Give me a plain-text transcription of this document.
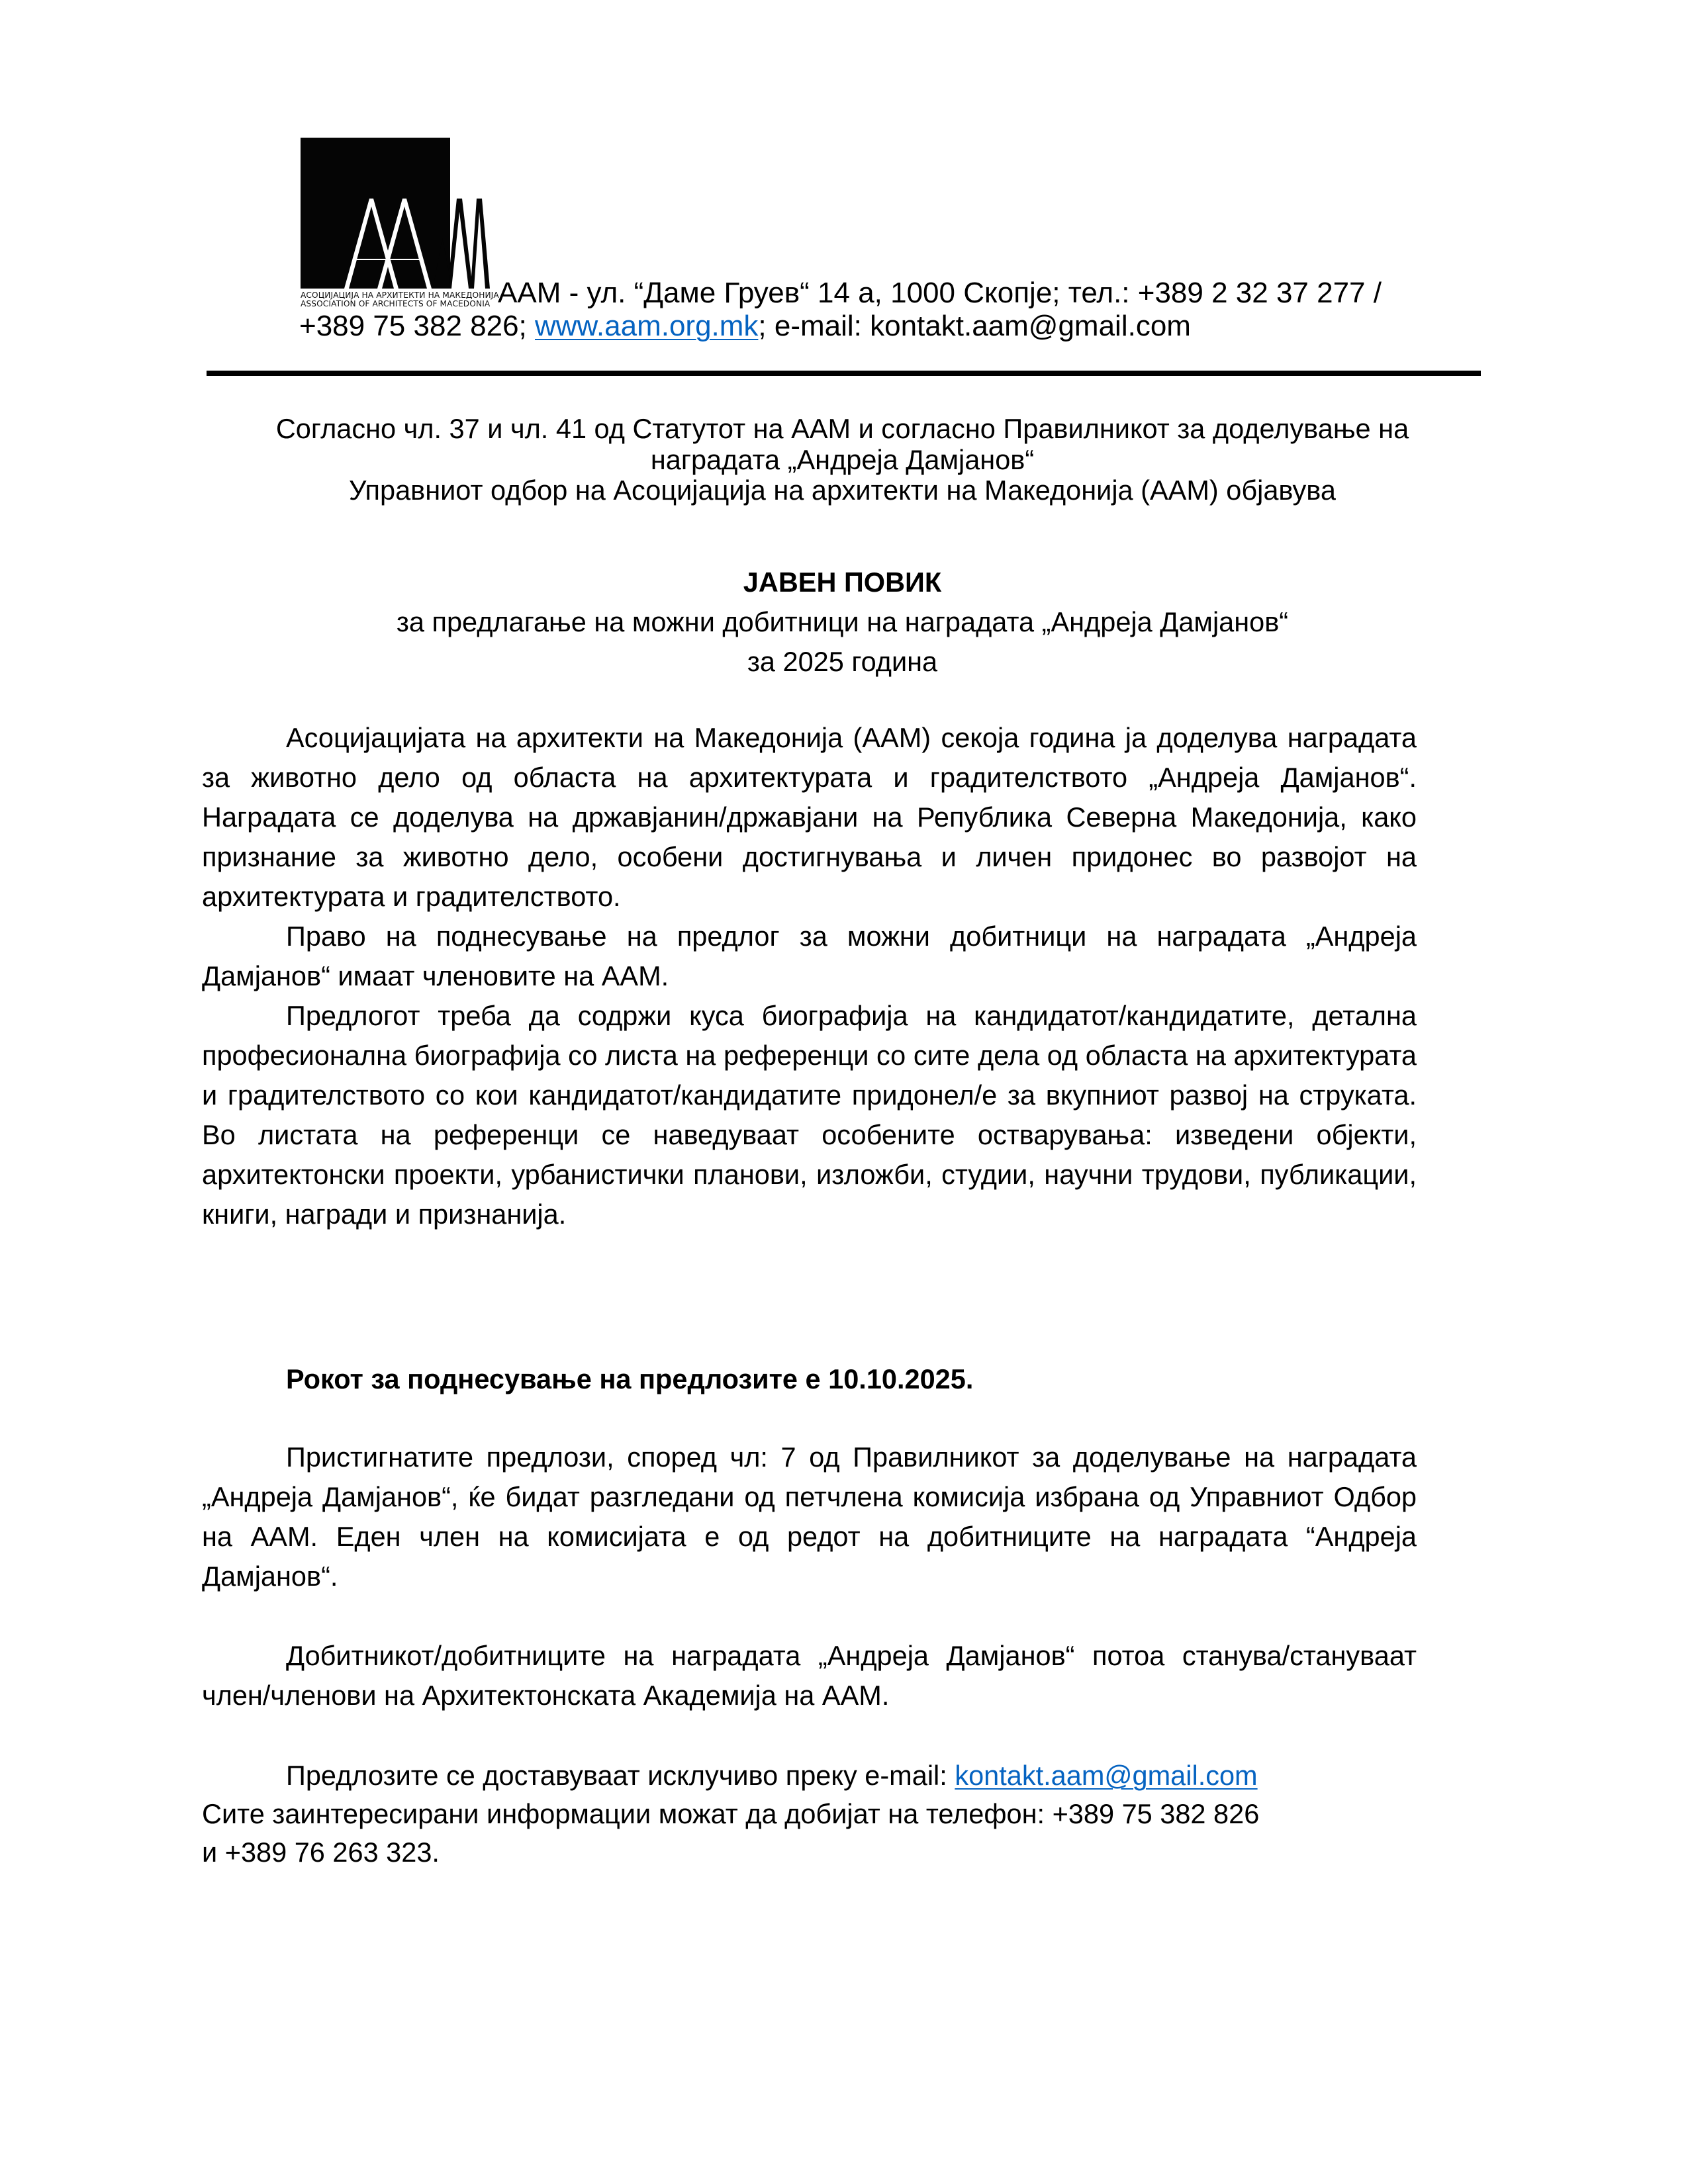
АСОЦИЈАЦИЈА НА АРХИТЕКТИ НА МАКЕДОНИЈА
ASSOCIATION OF ARCHITECTS OF MACEDONIA ААМ - ул. “Даме Груев“ 14 а, 1000 Скопје; тел.: +389 2 32 37 277 /
+389 75 382 826; www.aam.org.mk; e-mail: kontakt.aam@gmail.com
Согласно чл. 37 и чл. 41 од Статутот на ААМ и согласно Правилникот за доделување на
наградата „Андреја Дамјанов“
Управниот одбор на Асоцијација на архитекти на Македонија (ААМ) објавува
ЈАВЕН ПОВИК
за предлагање на можни добитници на наградата „Андреја Дамјанов“
за 2025 година

Асоцијацијата на архитекти на Македонија (ААМ) секоја година ја доделува наградата за животно дело од областа на архитектурата и градителството „Андреја Дамјанов“. Наградата се доделува на државјанин/државјани на Република Северна Македонија, како признание за животно дело, особени достигнувања и личен придонес во развојот на архитектурата и градителството.

Право на поднесување на предлог за можни добитници на наградата „Андреја Дамјанов“ имаат членовите на ААМ.

Предлогот треба да содржи куса биографија на кандидатот/кандидатите, детална професионална биографија со листа на референци со сите дела од областа на архитектурата и градителството со кои кандидатот/кандидатите придонел/е за вкупниот развој на струката. Во листата на референци се наведуваат особените остварувања: изведени објекти, архитектонски проекти, урбанистички планови, изложби, студии, научни трудови, публикации, книги, награди и признанија.

Рокот за поднесување на предлозите е 10.10.2025.

Пристигнатите предлози, според чл: 7 од Правилникот за доделување на наградата „Андреја Дамјанов“, ќе бидат разгледани од петчлена комисија избрана од Управниот Одбор на ААМ. Еден член на комисијата е од редот на добитниците на наградата “Андреја Дамјанов“.

Добитникот/добитниците на наградата „Андреја Дамјанов“ потоа станува/стануваат член/членови на Архитектонската Академија на ААМ.

Предлозите се доставуваат исклучиво преку e-mail: kontakt.aam@gmail.com

Сите заинтересирани информации можат да добијат на телефон: +389 75 382 826

и +389 76 263 323.
